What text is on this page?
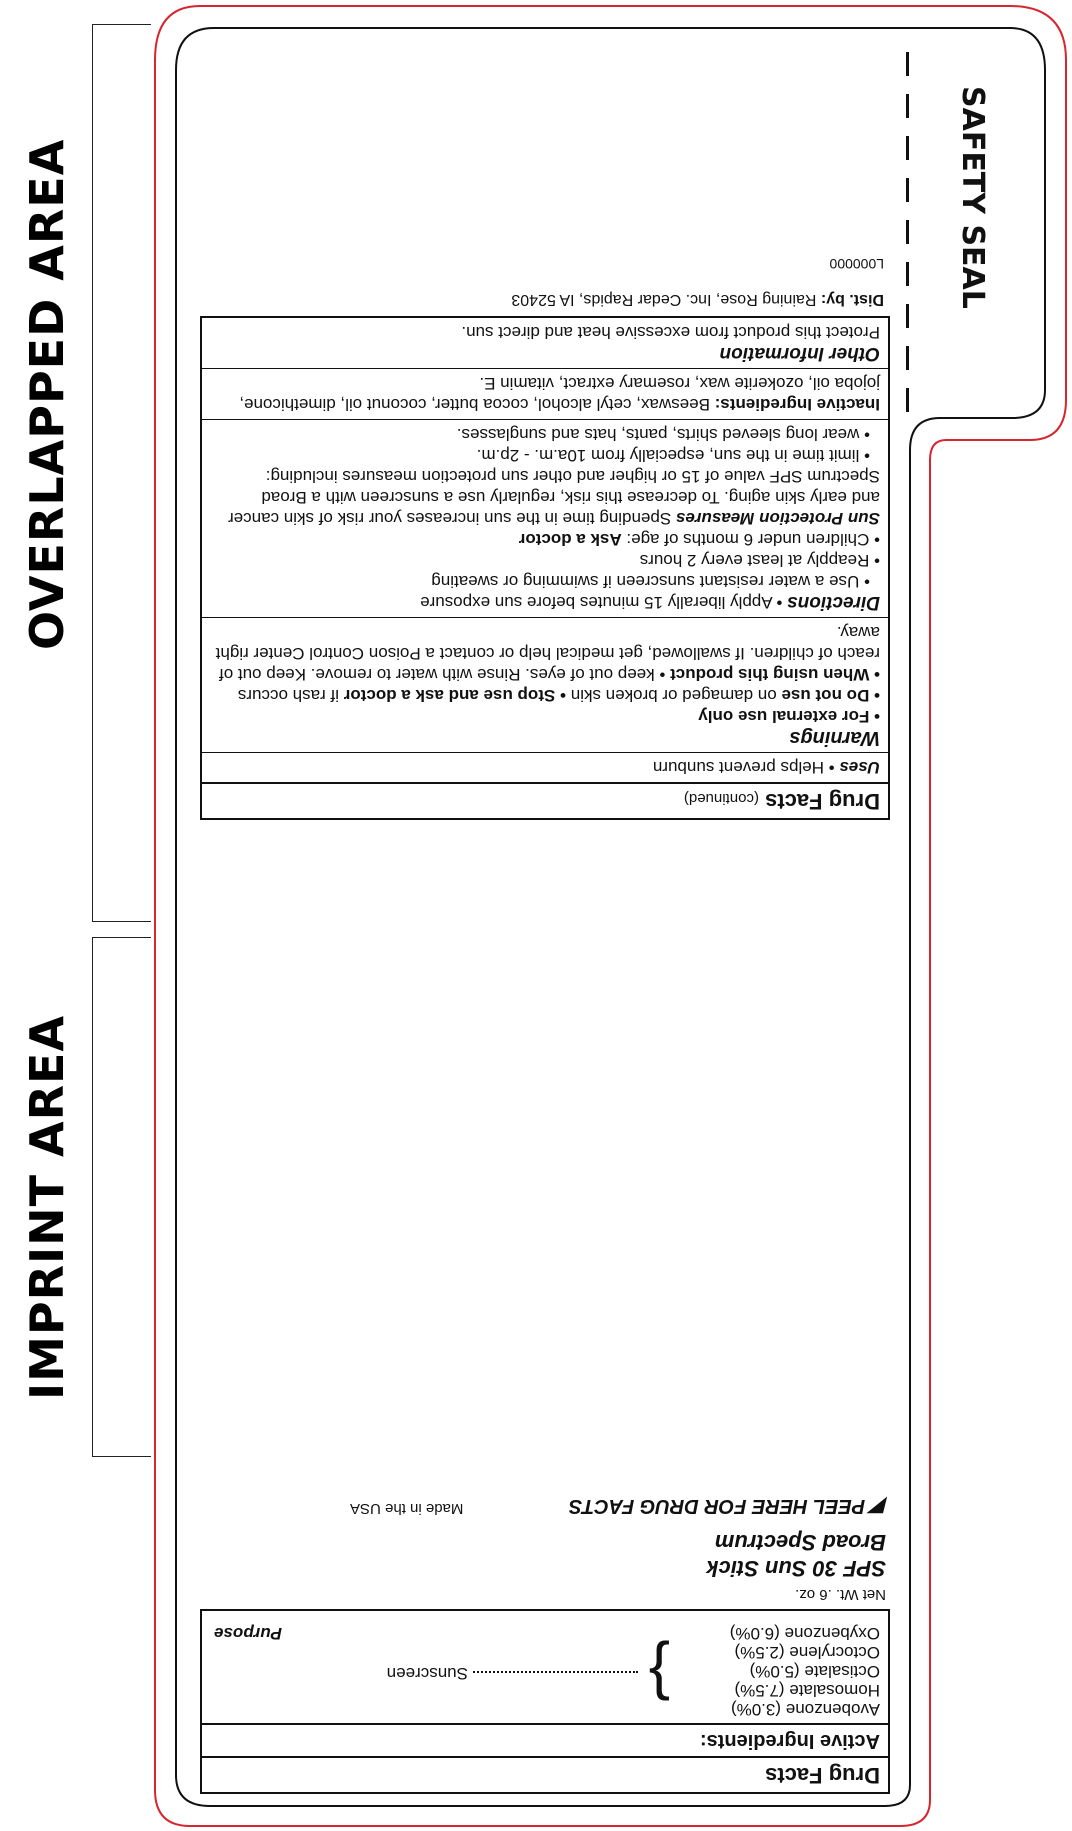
OVERLAPPED AREA
IMPRINT AREA
SAFETY SEAL
Drug Facts (continued)
Uses • Helps prevent sunburn
Warnings
• For external use only
• Do not use on damaged or broken skin • Stop use and ask a doctor if rash occurs
• When using this product • keep out of eyes. Rinse with water to remove. Keep out of reach of children. If swallowed, get medical help or contact a Poison Control Center right away.
Directions • Apply liberally 15 minutes before sun exposure
• Use a water resistant sunscreen if swimming or sweating
• Reapply at least every 2 hours
• Children under 6 months of age: Ask a doctor
Sun Protection Measures Spending time in the sun increases your risk of skin cancer and early skin aging. To decrease this risk, regularly use a sunscreen with a Broad Spectrum SPF value of 15 or higher and other sun protection measures including:
• limit time in the sun, especially from 10a.m. - 2p.m.
• wear long sleeved shirts, pants, hats and sunglasses.
Inactive Ingredients: Beeswax, cetyl alcohol, cocoa butter, coconut oil, dimethicone, jojoba oil, ozokerite wax, rosemary extract, vitamin E.
Other Information
Protect this product from excessive heat and direct sun.
Dist. by: Raining Rose, Inc. Cedar Rapids, IA 52403
L000000
Drug Facts
Active Ingredients:
Avobenzone (3.0%)
Homosalate (7.5%)
Octisalate (5.0%)
Octocrylene (2.5%)
Oxybenzone (6.0%)
}
Sunscreen
Purpose
Net Wt. .6 oz.
SPF 30 Sun Stick
Broad Spectrum
◤ PEEL HERE FOR DRUG FACTS
Made in the USA
